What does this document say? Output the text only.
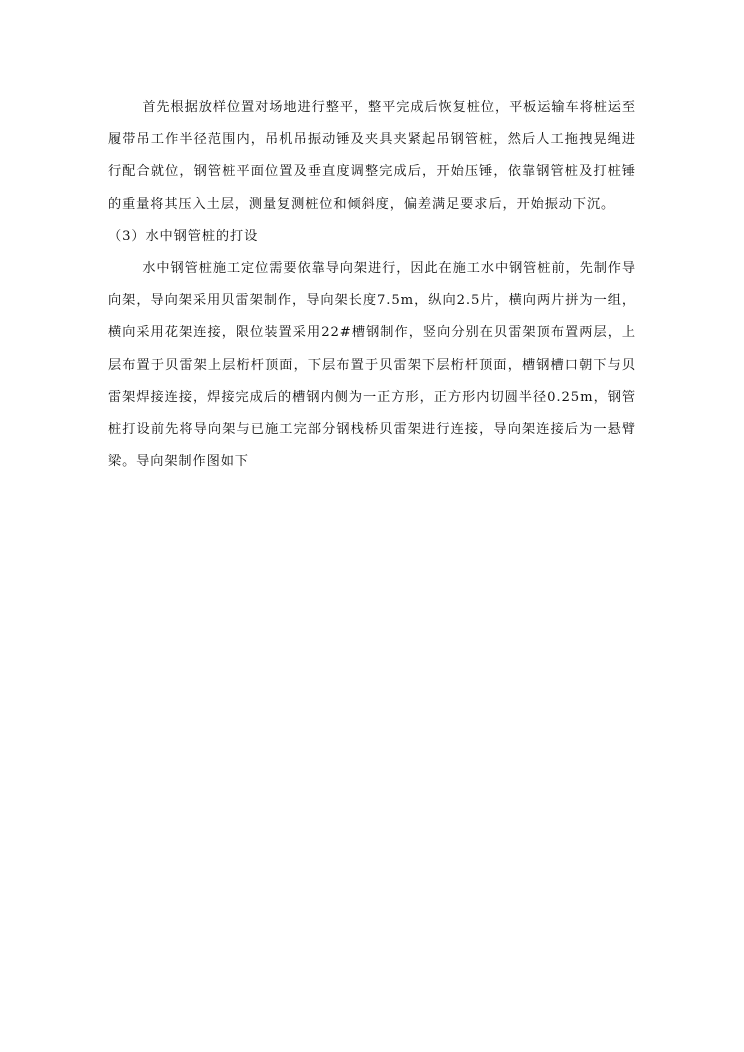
首先根据放样位置对场地进行整平，整平完成后恢复桩位，平板运输车将桩运至履带吊工作半径范围内，吊机吊振动锤及夹具夹紧起吊钢管桩，然后人工拖拽晃绳进行配合就位，钢管桩平面位置及垂直度调整完成后，开始压锤，依靠钢管桩及打桩锤的重量将其压入土层，测量复测桩位和倾斜度，偏差满足要求后，开始振动下沉。

（3）水中钢管桩的打设

水中钢管桩施工定位需要依靠导向架进行，因此在施工水中钢管桩前，先制作导向架，导向架采用贝雷架制作，导向架长度7.5m，纵向2.5片，横向两片拼为一组，横向采用花架连接，限位装置采用22#槽钢制作，竖向分别在贝雷架顶布置两层，上层布置于贝雷架上层桁杆顶面，下层布置于贝雷架下层桁杆顶面，槽钢槽口朝下与贝雷架焊接连接，焊接完成后的槽钢内侧为一正方形，正方形内切圆半径0.25m，钢管桩打设前先将导向架与已施工完部分钢栈桥贝雷架进行连接，导向架连接后为一悬臂梁。导向架制作图如下
